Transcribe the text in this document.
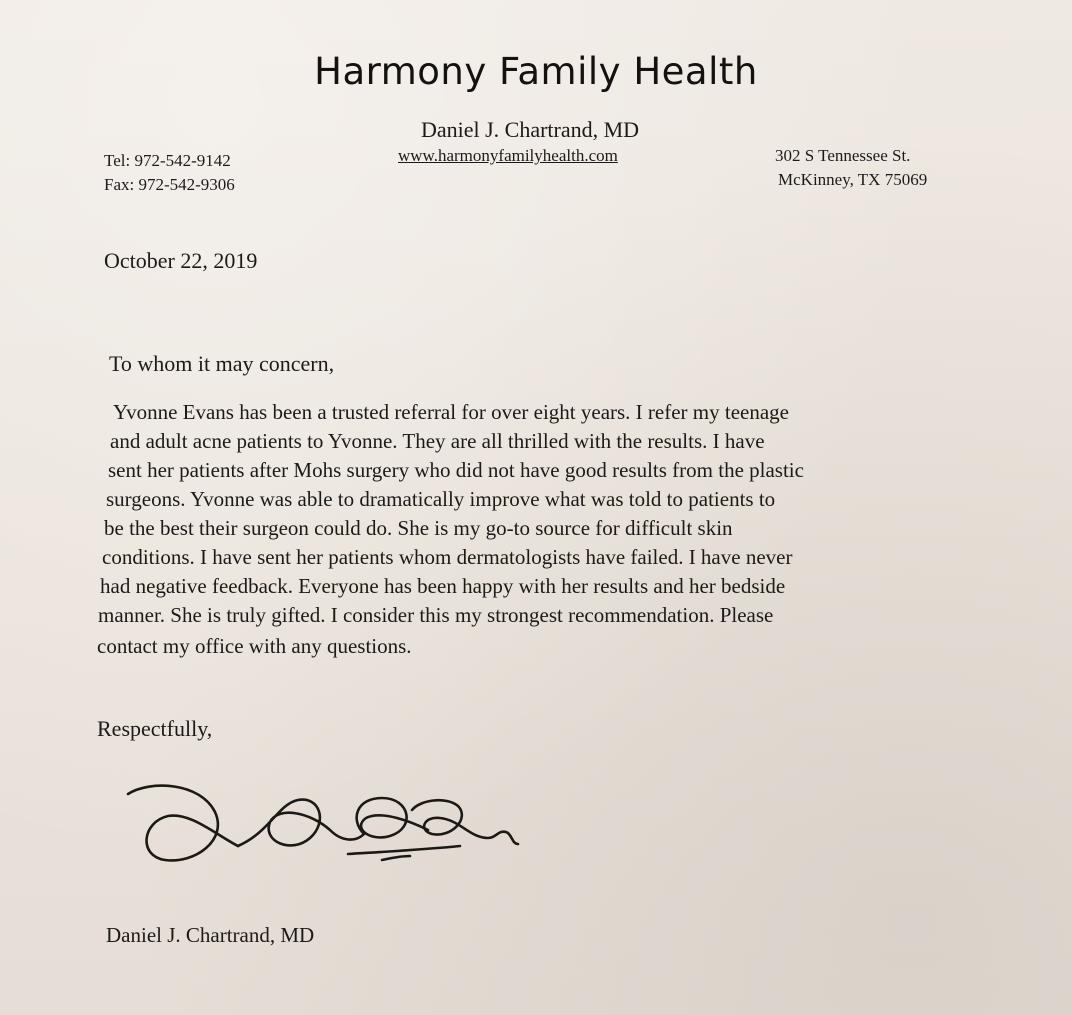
Harmony Family Health
Daniel J. Chartrand, MD
www.harmonyfamilyhealth.com
Tel: 972-542-9142
Fax: 972-542-9306
302 S Tennessee St.
McKinney, TX 75069
October 22, 2019
To whom it may concern,
Yvonne Evans has been a trusted referral for over eight years. I refer my teenage
and adult acne patients to Yvonne. They are all thrilled with the results. I have
sent her patients after Mohs surgery who did not have good results from the plastic
surgeons. Yvonne was able to dramatically improve what was told to patients to
be the best their surgeon could do. She is my go-to source for difficult skin
conditions. I have sent her patients whom dermatologists have failed. I have never
had negative feedback. Everyone has been happy with her results and her bedside
manner. She is truly gifted. I consider this my strongest recommendation. Please
contact my office with any questions.
Respectfully,
Daniel J. Chartrand, MD
